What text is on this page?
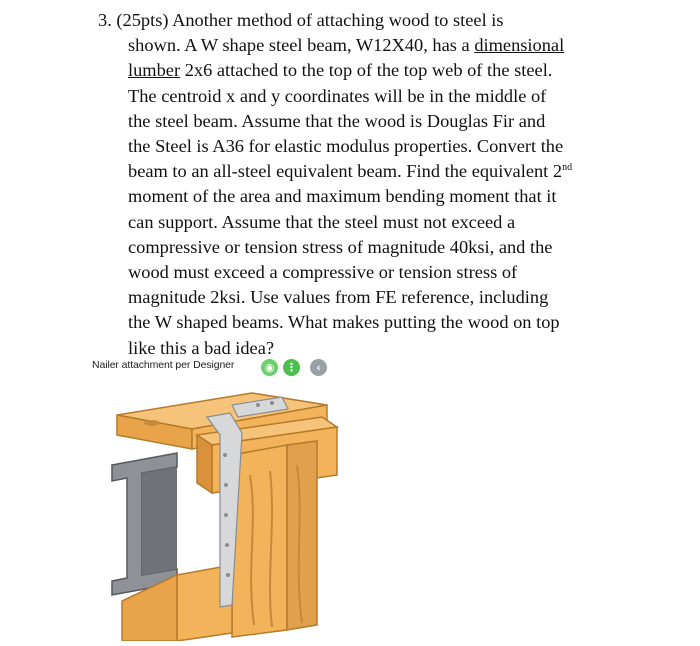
3. (25pts) Another method of attaching wood to steel is
shown. A W shape steel beam, W12X40, has a dimensional
lumber 2x6 attached to the top of the top web of the steel.
The centroid x and y coordinates will be in the middle of
the steel beam. Assume that the wood is Douglas Fir and
the Steel is A36 for elastic modulus properties. Convert the
beam to an all-steel equivalent beam. Find the equivalent 2nd
moment of the area and maximum bending moment that it
can support. Assume that the steel must not exceed a
compressive or tension stress of magnitude 40ksi, and the
wood must exceed a compressive or tension stress of
magnitude 2ksi. Use values from FE reference, including
the W shaped beams. What makes putting the wood on top
like this a bad idea?
Nailer attachment per Designer	◉	⋮	‹
